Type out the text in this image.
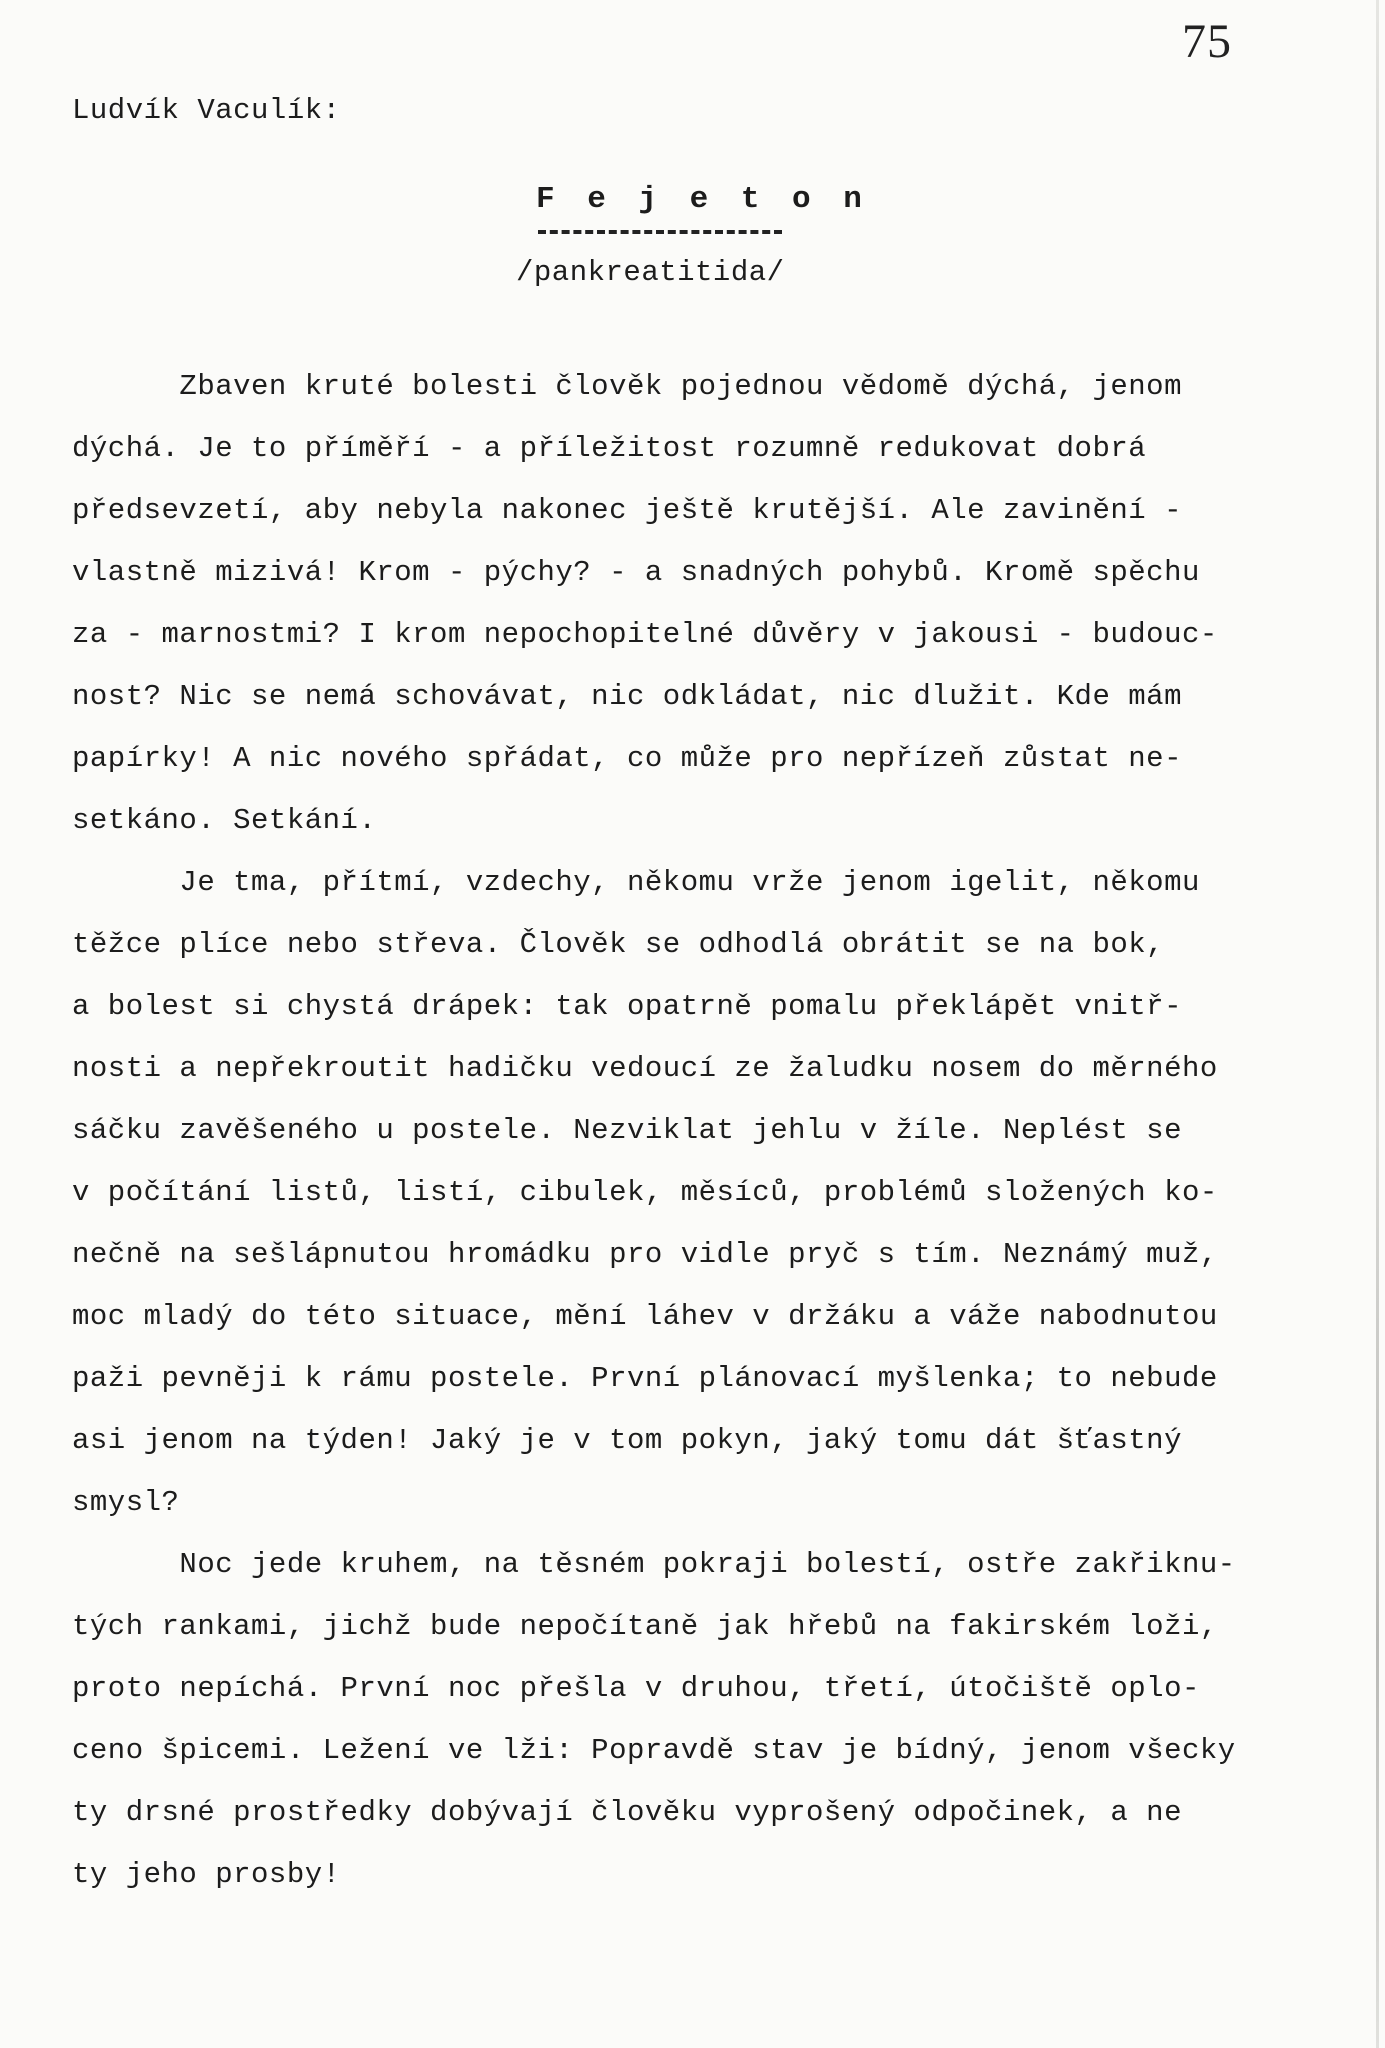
75
Ludvík Vaculík:
F e j e t o n
/pankreatitida/
Zbaven kruté bolesti člověk pojednou vědomě dýchá, jenom
dýchá. Je to příměří - a příležitost rozumně redukovat dobrá
předsevzetí, aby nebyla nakonec ještě krutější. Ale zavinění -
vlastně mizivá! Krom - pýchy? - a snadných pohybů. Kromě spěchu
za - marnostmi? I krom nepochopitelné důvěry v jakousi - budouc-
nost? Nic se nemá schovávat, nic odkládat, nic dlužit. Kde mám
papírky! A nic nového spřádat, co může pro nepřízeň zůstat ne-
setkáno. Setkání.
Je tma, přítmí, vzdechy, někomu vrže jenom igelit, někomu
těžce plíce nebo střeva. Člověk se odhodlá obrátit se na bok,
a bolest si chystá drápek: tak opatrně pomalu překlápět vnitř-
nosti a nepřekroutit hadičku vedoucí ze žaludku nosem do měrného
sáčku zavěšeného u postele. Nezviklat jehlu v žíle. Neplést se
v počítání listů, listí, cibulek, měsíců, problémů složených ko-
nečně na sešlápnutou hromádku pro vidle pryč s tím. Neznámý muž,
moc mladý do této situace, mění láhev v držáku a váže nabodnutou
paži pevněji k rámu postele. První plánovací myšlenka; to nebude
asi jenom na týden! Jaký je v tom pokyn, jaký tomu dát šťastný
smysl?
Noc jede kruhem, na těsném pokraji bolestí, ostře zakřiknu-
tých rankami, jichž bude nepočítaně jak hřebů na fakirském loži,
proto nepíchá. První noc přešla v druhou, třetí, útočiště oplo-
ceno špicemi. Ležení ve lži: Popravdě stav je bídný, jenom všecky
ty drsné prostředky dobývají člověku vyprošený odpočinek, a ne
ty jeho prosby!
